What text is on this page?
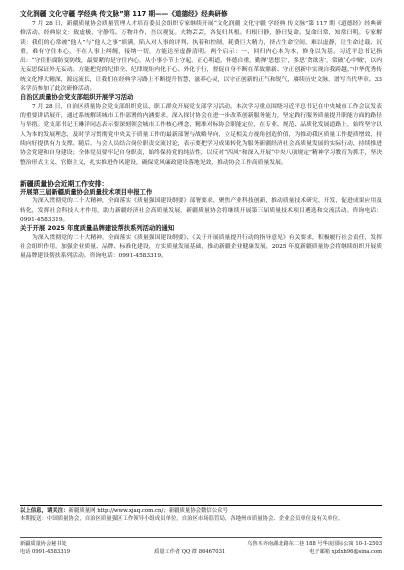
文化润疆 文化守疆 学经典 传文脉”第 117 期——《道德经》经典研修

7 月 28 日，新疆质量协会质量管理人才培育委员会组织专家继续开展“文化润疆 文化守疆 学经典 传文脉”第 117 期《道德经》经典研修活动。经典原文：致虚极，守静笃。万物并作，吾以观复。夫物芸芸，各复归其根。归根曰静，静曰复命。复命曰常，知常曰明。专家解读：我们的心常被“他人”与“他人之事”填满，陷入对人事的评判、执着和控制，耗费巨大精力，挤占生命空间，难以虚静，让生命过载、沉重，难有守住本心，不在人事上纠缠，接纳一切，方能达至虚静清明。两个启示：一、回归内心本为本，修身以为基。习近平总书记指出：“守住拒腐防变防线，最要紧的是守住内心，从小事小节上守起，正心明道，怀德自重，勤掸‘思想尘’，多思‘贪欲害’，常破‘心中贼’，以内无妄思保证外无妄动。方能把党的纪律全、纪律规矩内化于心、外化于行，督促自身不断在革故鼎新、守正创新中实现自我跨越。”中华优秀传统文化博大精深，源远流长，让我们在经典学习路上不断提升智慧，滋养心灵，以守正创新的正气和锐气，赓续历史文脉，谱写当代华章。33 名学员参加了此次研修活动。

自治区质量协会党支部组织开展学习活动

7 月 28 日，自治区质量协会党支部组织党员、职工群众开展党支部学习活动。本次学习重点围绕习近平总书记在中央城市工作会议发表的重要讲话展开，通过系统解读城市工作部署的内涵要求，深入探讨协会在进一步改革创新服务能力，坚定践行服务质量提升职能方面的路径与举措。党支部书记王琳洋同志表示要深刻领会城市工作核心理念，精准对标协会职能定位，在专业、规范、品质化发展道路上，始终坚守以人为本的发展理念，及时学习贯彻党中央关于质量工作的最新部署与战略导向，立足相关方视角创造价值，为推动我区质量工作提质增效、持续向好提供有力支撑。随后，与会人员结合岗位职责交流讨论，表示要把学习成果转化为服务新疆经济社会高质量发展的实际行动，持续推进协会党建和自身建设；全体党员要牢记自身职责，始终保持党的纯洁性，以反对“四风”和深入开展“中央八项规定”精神学习教育为抓手，坚决整治形式主义、官僚主义，扎实推进作风建设，确保党风廉政建设落地见效，推动协会工作高质量发展。

新疆质量协会近期工作安排：
开展第三届新疆质量协会质量技术项目申报工作

为深入贯彻党的二十大精神，全面落实《质量强国建设纲要》部署要求，聚焦产业科技创新，推动质量技术研究、开发，促进成果应用及转化，发挥社会科技人才作用，助力新疆经济社会高质量发展，新疆质量协会将继续开展第三届质量技术项目遴选和交流活动。咨询电话：0991-4583319。

关于开展 2025 年度质量品牌建设帮扶系列活动的通知

为深入贯彻党的二十大精神，全面落实《质量强国建设纲要》、《关于开展质量提升行动的指导意见》有关要求，积极履行社会责任，发挥社会组织作用，加强企业质量、品牌、标准化建设，方实质量发展基础，推动新疆企业健康发展，2025 年度新疆质量协会将继续组织开展质量品牌建设帮扶系列活动。咨询电话：0991-4583319。

以上信息，请关注：新疆质量网 http://www.xjaq.com.cn/；新疆质量协会微信公众号

本期报送：中国质量协会，自治区质量强区工作领导小组成员单位，自治区市场监管局，各地州市质量协会、企业会员单位及有关单位。

新疆质量协会秘书处	乌鲁木齐南湖北路东二巷 188 号华凌国际公寓 10-1-2503
电话 0991-4583319	质量工作者 QQ 群 86467031	电子邮箱 xjzlxh96@sina.com
